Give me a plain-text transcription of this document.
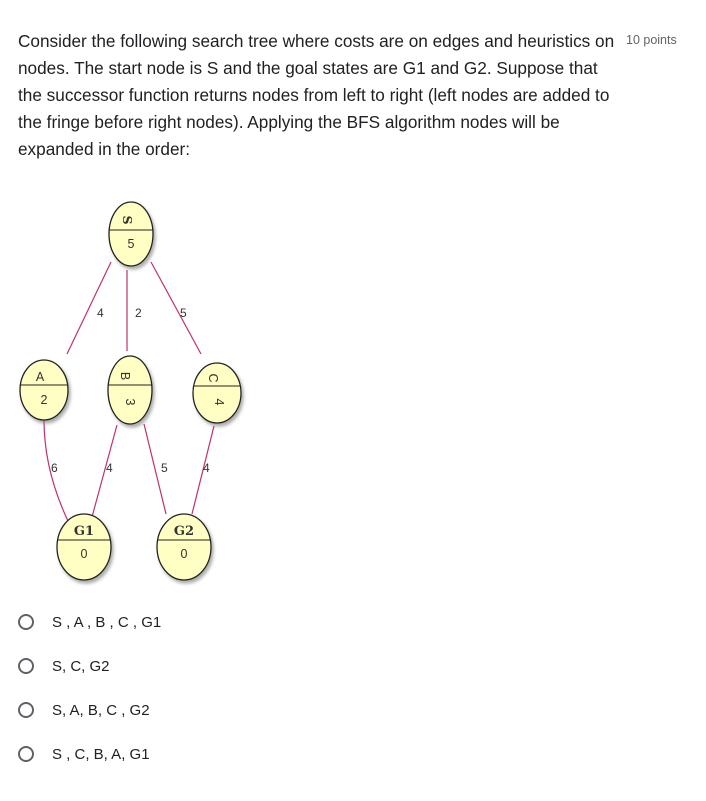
Consider the following search tree where costs are on edges and heuristics on nodes. The start node is S and the goal states are G1 and G2. Suppose that the successor function returns nodes from left to right (left nodes are added to the fringe before right nodes). Applying the BFS algorithm nodes will be expanded in the order:
10 points
4	2	5
6	4	5	4
S
5
A
2
B
3
C
4
G1
0
G2
0
S , A , B , C , G1
S, C, G2
S, A, B, C , G2
S , C, B, A, G1
